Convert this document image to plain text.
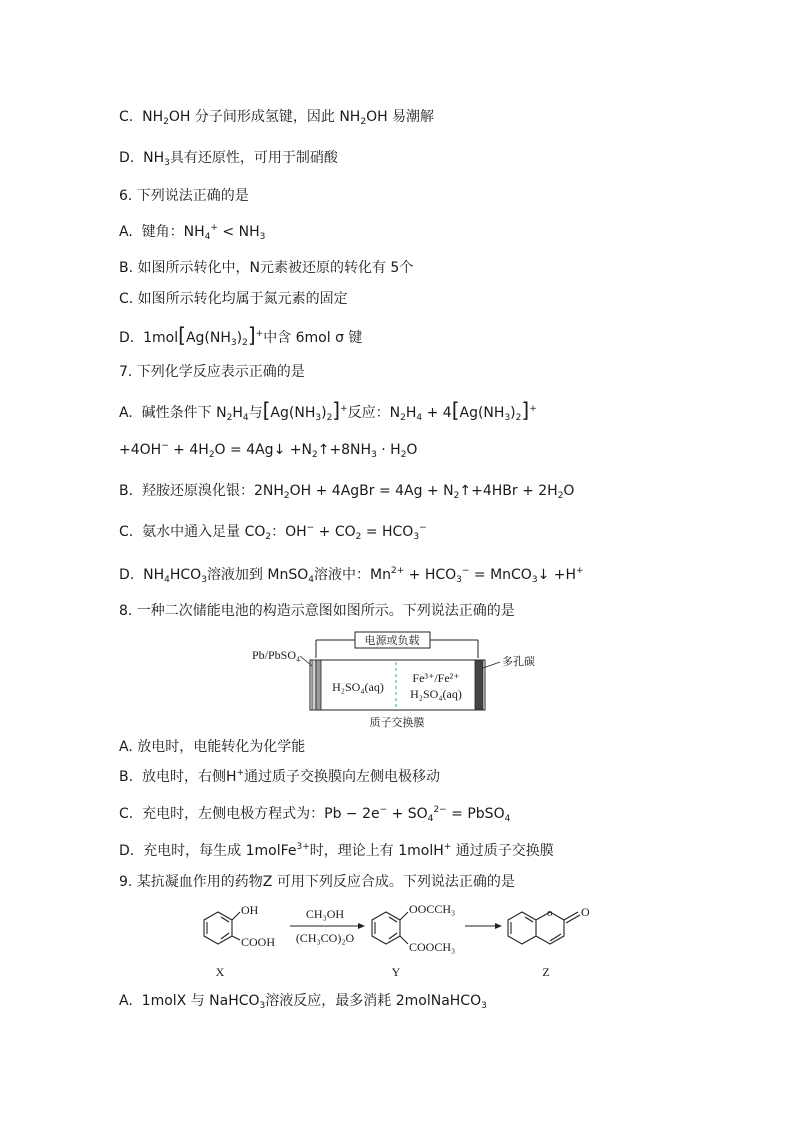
C.  $NH_2OH$ 分子间形成氢键，因此 $NH_2OH$ 易潮解
D.  $NH_3$具有还原性，可用于制硝酸
6. 下列说法正确的是
A.  键角：$NH_4^+ < NH_3$
B. 如图所示转化中，N元素被还原的转化有 5个
C. 如图所示转化均属于氮元素的固定
D.  $1mol[Ag(NH_3)_2]^+$中含 6mol σ 键
7. 下列化学反应表示正确的是
A.  碱性条件下 $N_2H_4$与$[Ag(NH_3)_2]^+$反应：$N_2H_4 + 4[Ag(NH_3)_2]^+$
$+4OH^- + 4H_2O$ = 4Ag↓ $+N_2↑+8NH_3 \cdot H_2O$
B.  羟胺还原溴化银：$2NH_2OH$ + 4AgBr = $4Ag + N_2↑+4HBr + 2H_2O$
C.  氨水中通入足量 $CO_2$：$OH^- + CO_2 = HCO_3^-$
D.  $NH_4HCO_3$溶液加到 MnSO$_4$溶液中：$Mn^{2+} + HCO_3^-$ = MnCO$_3$↓ +H+
8. 一种二次储能电池的构造示意图如图所示。下列说法正确的是
电源或负载
Pb/PbSO₄	多孔碳
H₂SO₄(aq)
Fe³⁺/Fe²⁺
H₂SO₄(aq)
质子交换膜
A. 放电时，电能转化为化学能
B.  放电时，右侧H+通过质子交换膜向左侧电极移动
C.  充电时，左侧电极方程式为：$Pb - 2e^- + SO_4^{2-}$ = PbSO$_4$
D.  充电时，每生成 1molFe$^{3+}$时，理论上有 1molH+ 通过质子交换膜
9. 某抗凝血作用的药物Z 可用下列反应合成。下列说法正确的是
OH
COOH
X
CH₃OH
(CH₃CO)₂O
OOCCH₃
COOCH₃
Y
o O
Z
A.  1molX 与 NaHCO$_3$溶液反应，最多消耗 2molNaHCO$_3$
